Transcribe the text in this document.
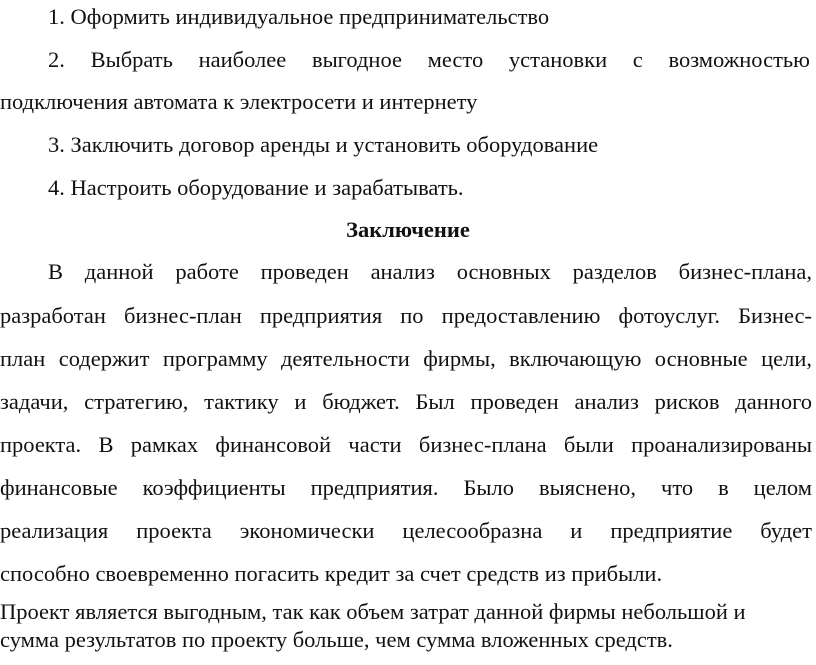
1. Оформить индивидуальное предпринимательство

2. Выбрать наиболее выгодное место установки с возможностью

подключения автомата к электросети и интернету

3. Заключить договор аренды и установить оборудование

4. Настроить оборудование и зарабатывать.

Заключение

В данной работе проведен анализ основных разделов бизнес-плана,

разработан бизнес-план предприятия по предоставлению фотоуслуг. Бизнес-

план содержит программу деятельности фирмы, включающую основные цели,

задачи, стратегию, тактику и бюджет. Был проведен анализ рисков данного

проекта. В рамках финансовой части бизнес-плана были проанализированы

финансовые коэффициенты предприятия. Было выяснено, что в целом

реализация проекта экономически целесообразна и предприятие будет

способно своевременно погасить кредит за счет средств из прибыли.

Проект является выгодным, так как объем затрат данной фирмы небольшой и

сумма результатов по проекту больше, чем сумма вложенных средств.
